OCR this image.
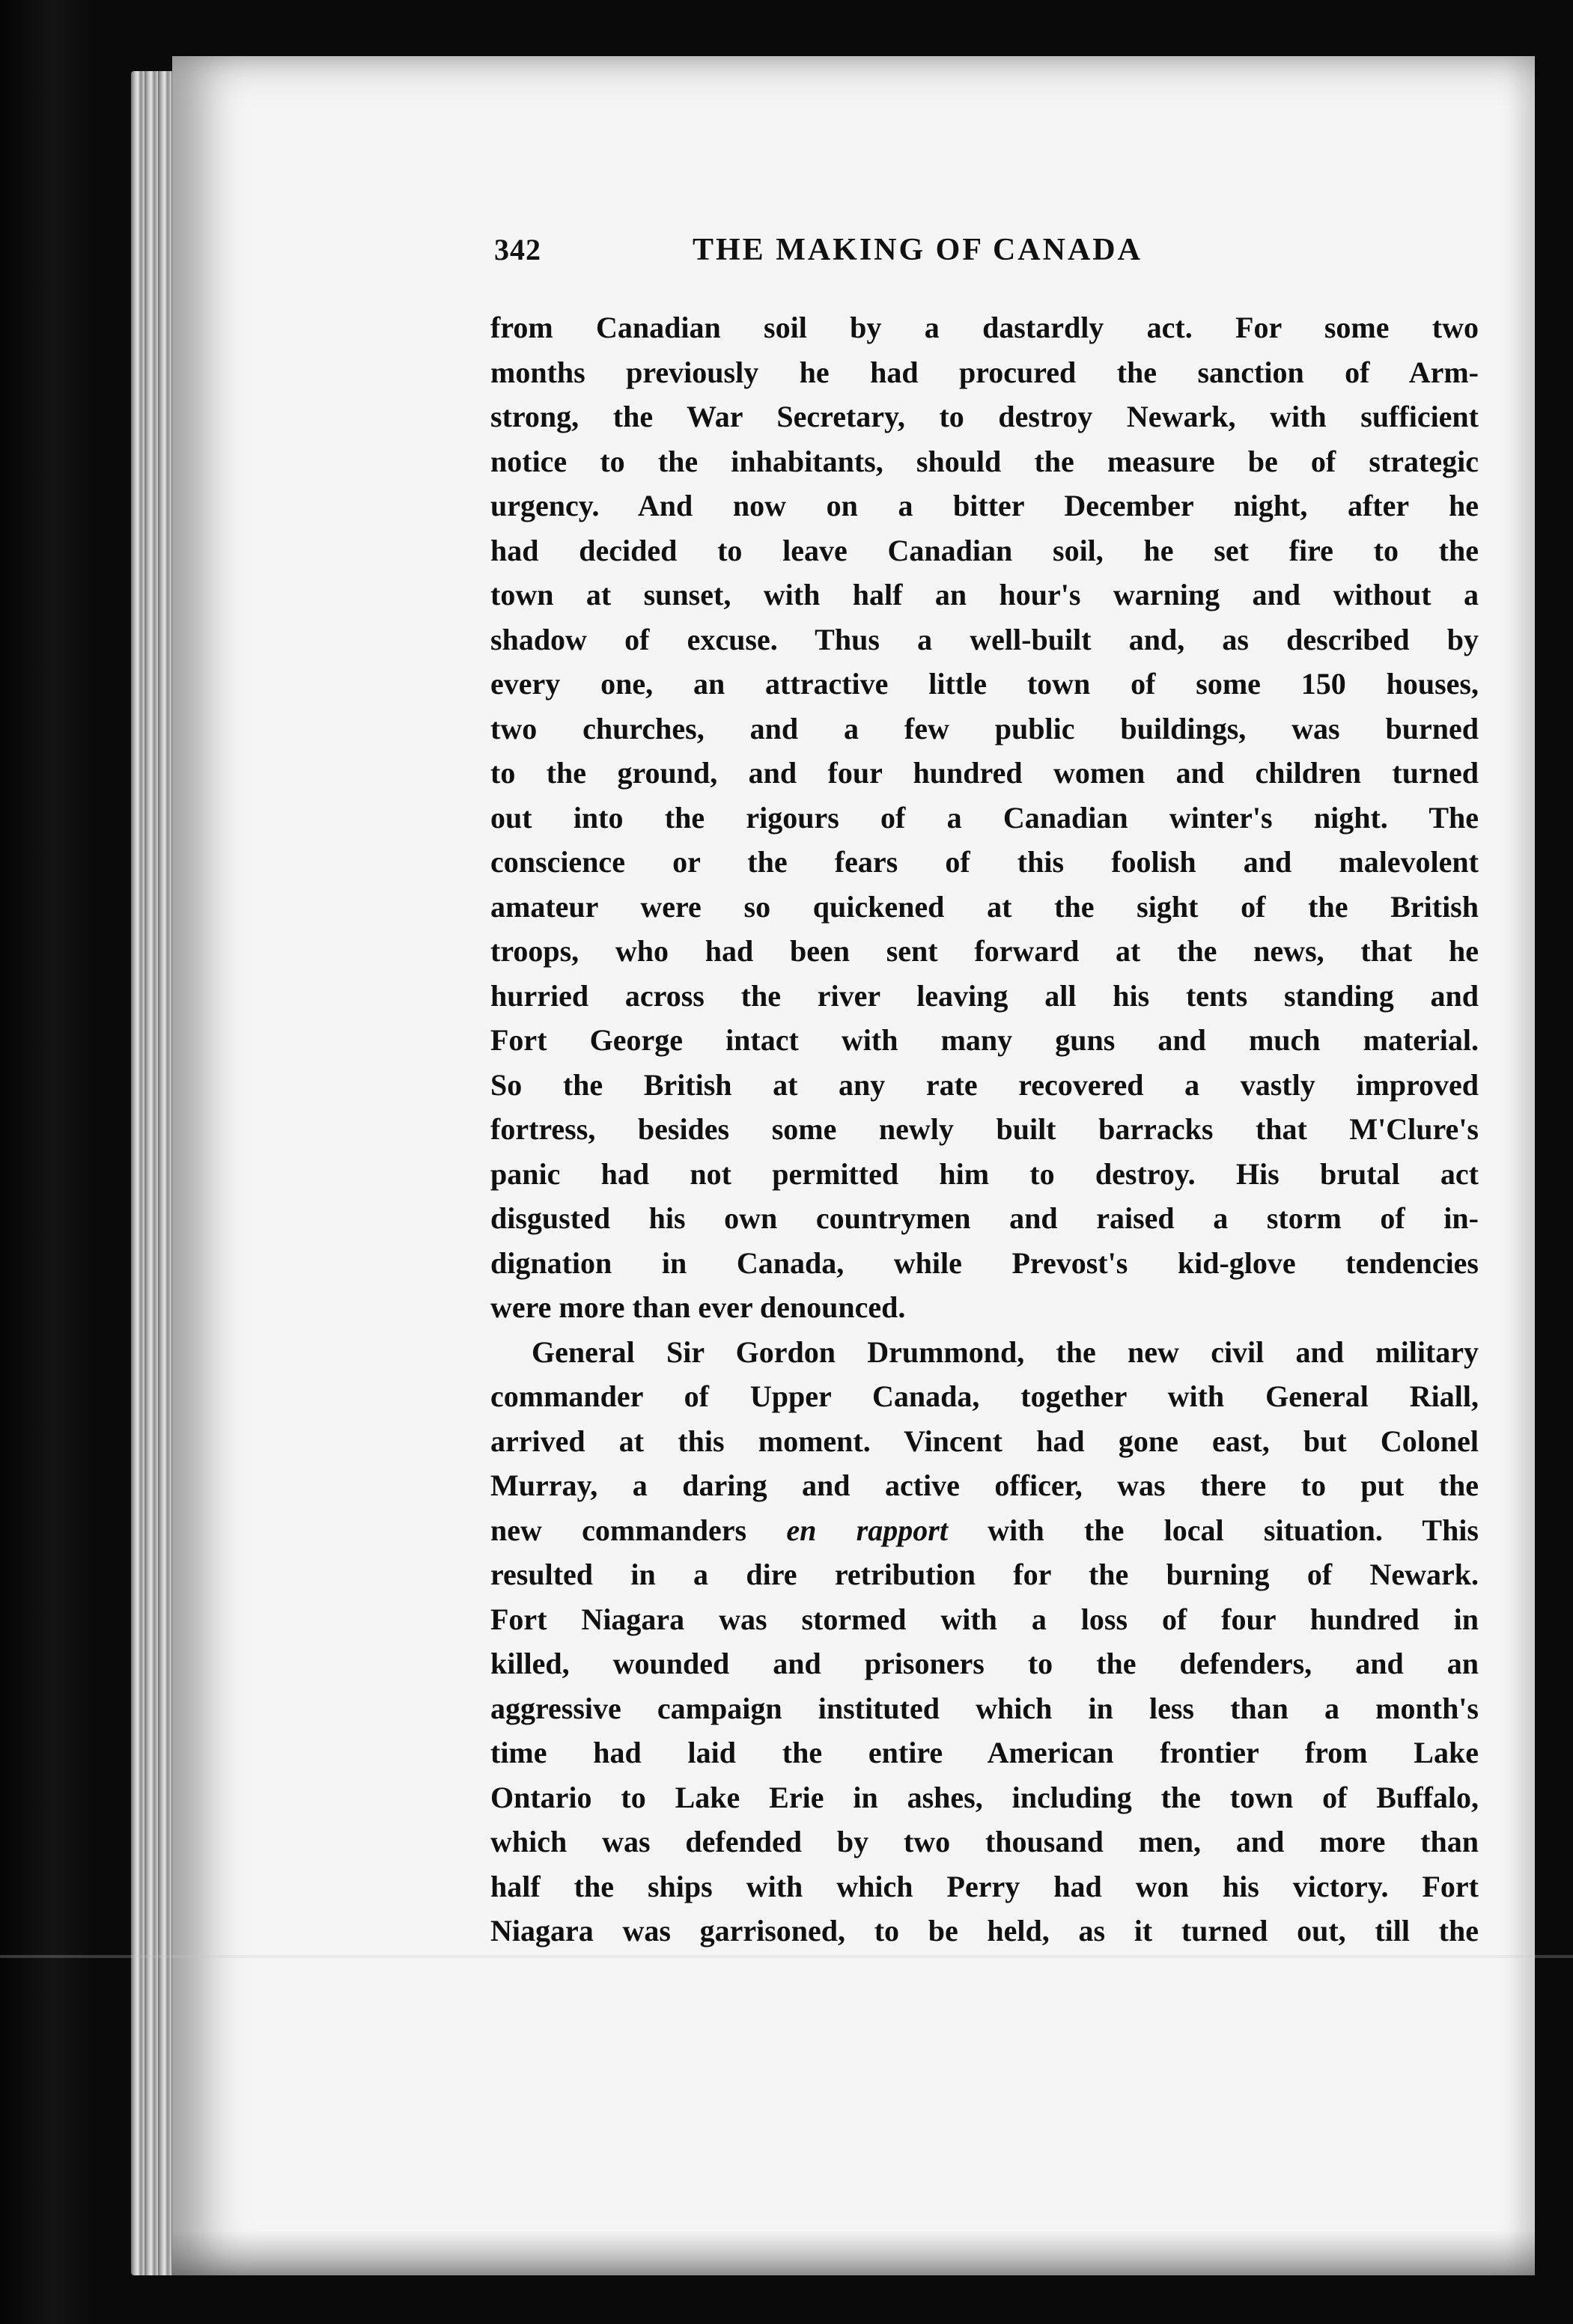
342	THE MAKING OF CANADA
from Canadian soil by a dastardly act. For some two
months previously he had procured the sanction of Arm-
strong, the War Secretary, to destroy Newark, with sufficient
notice to the inhabitants, should the measure be of strategic
urgency. And now on a bitter December night, after he
had decided to leave Canadian soil, he set fire to the
town at sunset, with half an hour's warning and without a
shadow of excuse. Thus a well-built and, as described by
every one, an attractive little town of some 150 houses,
two churches, and a few public buildings, was burned
to the ground, and four hundred women and children turned
out into the rigours of a Canadian winter's night. The
conscience or the fears of this foolish and malevolent
amateur were so quickened at the sight of the British
troops, who had been sent forward at the news, that he
hurried across the river leaving all his tents standing and
Fort George intact with many guns and much material.
So the British at any rate recovered a vastly improved
fortress, besides some newly built barracks that M'Clure's
panic had not permitted him to destroy. His brutal act
disgusted his own countrymen and raised a storm of in-
dignation in Canada, while Prevost's kid-glove tendencies
were more than ever denounced.
General Sir Gordon Drummond, the new civil and military
commander of Upper Canada, together with General Riall,
arrived at this moment. Vincent had gone east, but Colonel
Murray, a daring and active officer, was there to put the
new commanders en rapport with the local situation. This
resulted in a dire retribution for the burning of Newark.
Fort Niagara was stormed with a loss of four hundred in
killed, wounded and prisoners to the defenders, and an
aggressive campaign instituted which in less than a month's
time had laid the entire American frontier from Lake
Ontario to Lake Erie in ashes, including the town of Buffalo,
which was defended by two thousand men, and more than
half the ships with which Perry had won his victory. Fort
Niagara was garrisoned, to be held, as it turned out, till the
